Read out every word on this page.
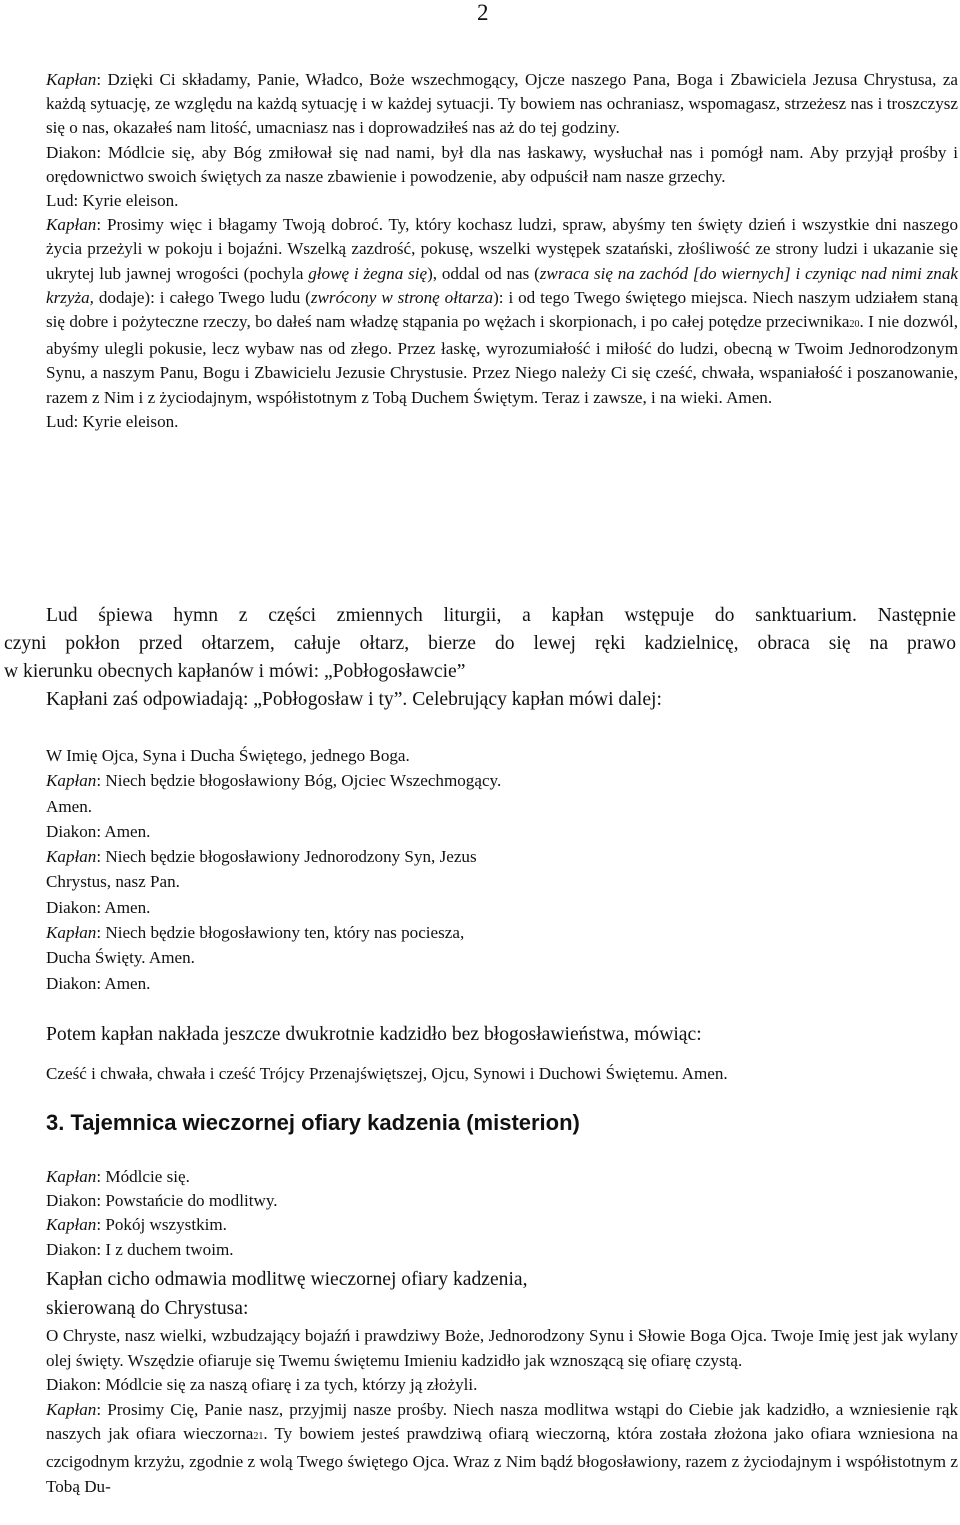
2
Kapłan: Dzięki Ci składamy, Panie, Władco, Boże wszechmogący, Ojcze naszego Pana, Boga i Zbawiciela Jezusa Chrystusa, za każdą sytuację, ze względu na każdą sytuację i w każdej sytuacji. Ty bowiem nas ochraniasz, wspomagasz, strzeżesz nas i troszczysz się o nas, okazałeś nam litość, umacniasz nas i doprowadziłeś nas aż do tej godziny.
Diakon: Módlcie się, aby Bóg zmiłował się nad nami, był dla nas łaskawy, wysłuchał nas i pomógł nam. Aby przyjął prośby i orędownictwo swoich świętych za nasze zbawienie i powodzenie, aby odpuścił nam nasze grzechy.
Lud: Kyrie eleison.
Kapłan: Prosimy więc i błagamy Twoją dobroć. Ty, który kochasz ludzi, spraw, abyśmy ten święty dzień i wszystkie dni naszego życia przeżyli w pokoju i bojaźni. Wszelką zazdrość, pokusę, wszelki występek szatański, złośliwość ze strony ludzi i ukazanie się ukrytej lub jawnej wrogości (pochyla głowę i żegna się), oddal od nas (zwraca się na zachód [do wiernych] i czyniąc nad nimi znak krzyża, dodaje): i całego Twego ludu (zwrócony w stronę ołtarza): i od tego Twego świętego miejsca. Niech naszym udziałem staną się dobre i pożyteczne rzeczy, bo dałeś nam władzę stąpania po wężach i skorpionach, i po całej potędze przeciwnika20. I nie dozwól, abyśmy ulegli pokusie, lecz wybaw nas od złego. Przez łaskę, wyrozumiałość i miłość do ludzi, obecną w Twoim Jednorodzonym Synu, a naszym Panu, Bogu i Zbawicielu Jezusie Chrystusie. Przez Niego należy Ci się cześć, chwała, wspaniałość i poszanowanie, razem z Nim i z życiodajnym, współistotnym z Tobą Duchem Świętym. Teraz i zawsze, i na wieki. Amen.
Lud: Kyrie eleison.
Lud śpiewa hymn z części zmiennych liturgii, a kapłan wstępuje do sanktuarium. Następnie
czyni pokłon przed ołtarzem, całuje ołtarz, bierze do lewej ręki kadzielnicę, obraca się na prawo
w kierunku obecnych kapłanów i mówi: „Pobłogosławcie”
Kapłani zaś odpowiadają: „Pobłogosław i ty”. Celebrujący kapłan mówi dalej:
W Imię Ojca, Syna i Ducha Świętego, jednego Boga.
Kapłan: Niech będzie błogosławiony Bóg, Ojciec Wszechmogący.
Amen.
Diakon: Amen.
Kapłan: Niech będzie błogosławiony Jednorodzony Syn, Jezus
Chrystus, nasz Pan.
Diakon: Amen.
Kapłan: Niech będzie błogosławiony ten, który nas pociesza,
Ducha Święty. Amen.
Diakon: Amen.
Potem kapłan nakłada jeszcze dwukrotnie kadzidło bez błogosławieństwa, mówiąc:
Cześć i chwała, chwała i cześć Trójcy Przenajświętszej, Ojcu, Synowi i Duchowi Świętemu. Amen.
3. Tajemnica wieczornej ofiary kadzenia (misterion)
Kapłan: Módlcie się.
Diakon: Powstańcie do modlitwy.
Kapłan: Pokój wszystkim.
Diakon: I z duchem twoim.
Kapłan cicho odmawia modlitwę wieczornej ofiary kadzenia,
skierowaną do Chrystusa:
O Chryste, nasz wielki, wzbudzający bojaźń i prawdziwy Boże, Jednorodzony Synu i Słowie Boga Ojca. Twoje Imię jest jak wylany olej święty. Wszędzie ofiaruje się Twemu świętemu Imieniu kadzidło jak wznoszącą się ofiarę czystą.
Diakon: Módlcie się za naszą ofiarę i za tych, którzy ją złożyli.
Kapłan: Prosimy Cię, Panie nasz, przyjmij nasze prośby. Niech nasza modlitwa wstąpi do Ciebie jak kadzidło, a wzniesienie rąk naszych jak ofiara wieczorna21. Ty bowiem jesteś prawdziwą ofiarą wieczorną, która została złożona jako ofiara wzniesiona na czcigodnym krzyżu, zgodnie z wolą Twego świętego Ojca. Wraz z Nim bądź błogosławiony, razem z życiodajnym i współistotnym z Tobą Du-
